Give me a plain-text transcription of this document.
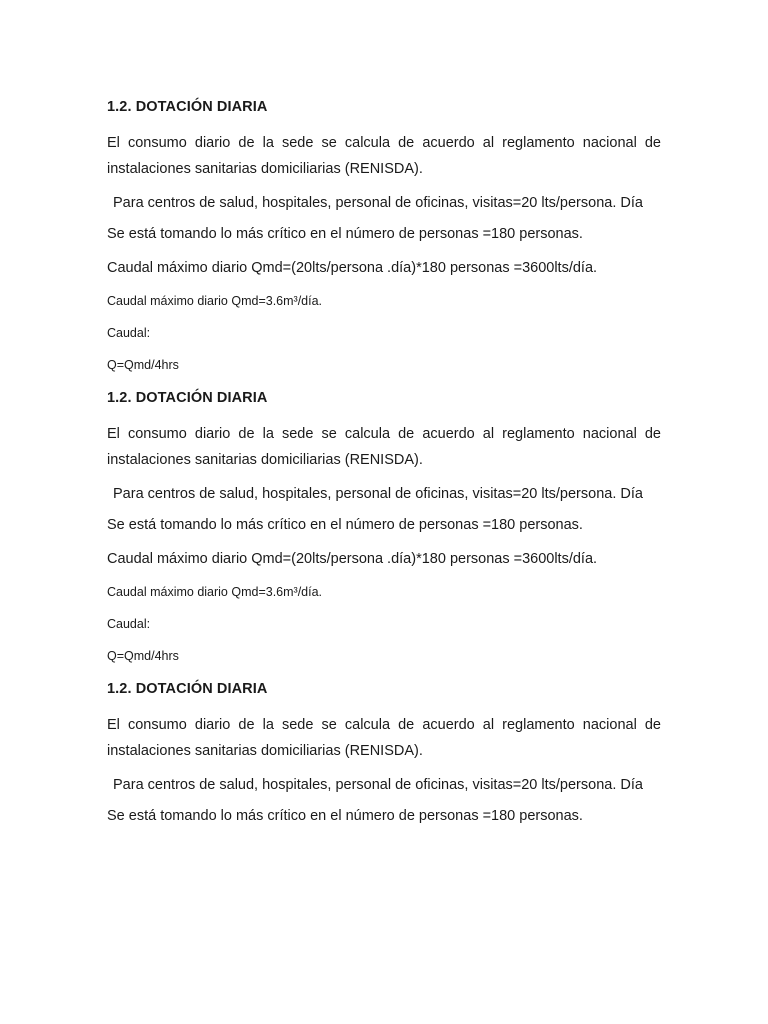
1.2. DOTACIÓN DIARIA
El consumo diario de la sede se calcula de acuerdo al reglamento nacional de instalaciones sanitarias domiciliarias (RENISDA).
Para centros de salud, hospitales, personal de oficinas, visitas=20 lts/persona. Día
Se está tomando lo más crítico en el número de personas =180 personas.
Caudal máximo diario Qmd=(20lts/persona .día)*180 personas =3600lts/día.
Caudal máximo diario Qmd=3.6m³/día.
Caudal:
Q=Qmd/4hrs
1.2. DOTACIÓN DIARIA
El consumo diario de la sede se calcula de acuerdo al reglamento nacional de instalaciones sanitarias domiciliarias (RENISDA).
Para centros de salud, hospitales, personal de oficinas, visitas=20 lts/persona. Día
Se está tomando lo más crítico en el número de personas =180 personas.
Caudal máximo diario Qmd=(20lts/persona .día)*180 personas =3600lts/día.
Caudal máximo diario Qmd=3.6m³/día.
Caudal:
Q=Qmd/4hrs
1.2. DOTACIÓN DIARIA
El consumo diario de la sede se calcula de acuerdo al reglamento nacional de instalaciones sanitarias domiciliarias (RENISDA).
Para centros de salud, hospitales, personal de oficinas, visitas=20 lts/persona. Día
Se está tomando lo más crítico en el número de personas =180 personas.
